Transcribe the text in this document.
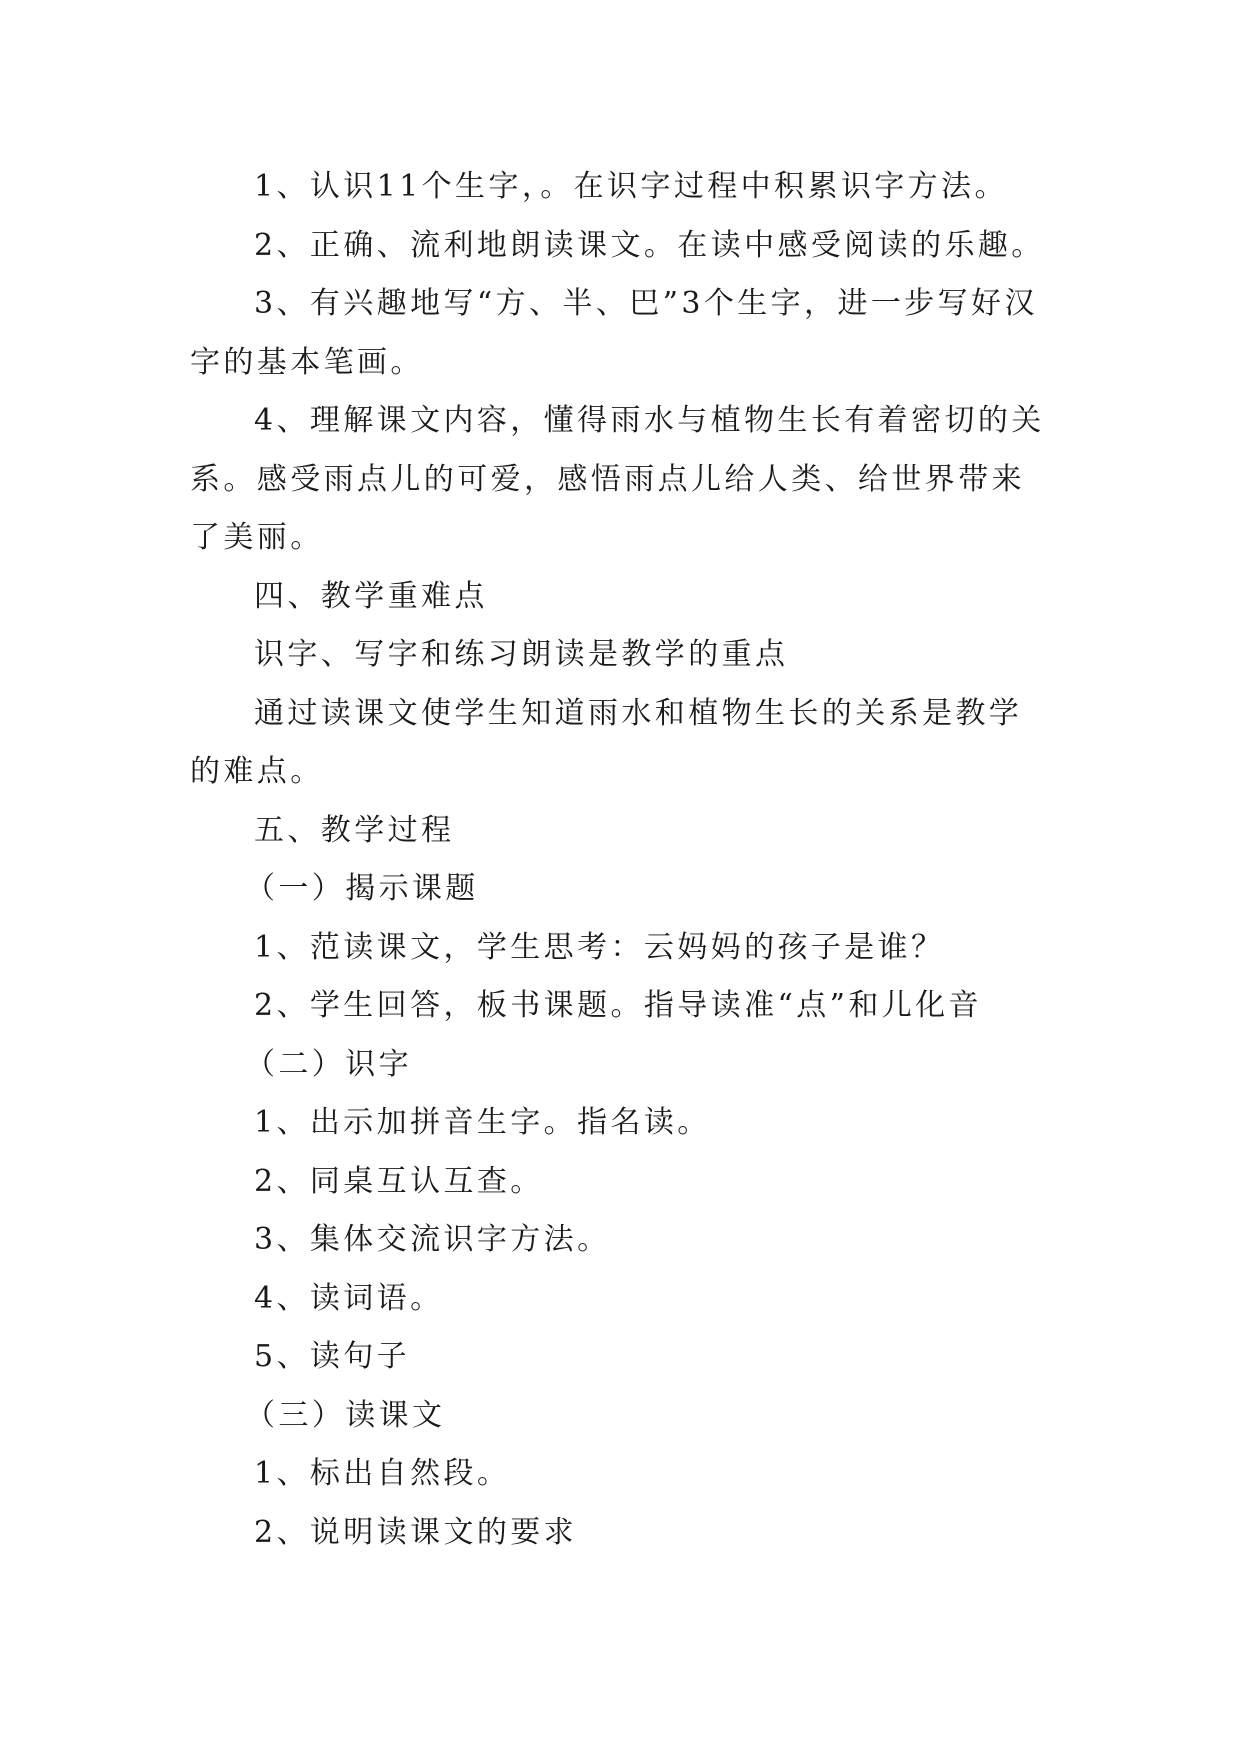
1、认识11个生字，。在识字过程中积累识字方法。

2、正确、流利地朗读课文。在读中感受阅读的乐趣。

3、有兴趣地写“方、半、巴”3个生字，进一步写好汉字的基本笔画。

4、理解课文内容，懂得雨水与植物生长有着密切的关系。感受雨点儿的可爱，感悟雨点儿给人类、给世界带来了美丽。

四、教学重难点

识字、写字和练习朗读是教学的重点

通过读课文使学生知道雨水和植物生长的关系是教学的难点。

五、教学过程

（一）揭示课题

1、范读课文，学生思考：云妈妈的孩子是谁？

2、学生回答，板书课题。指导读准“点”和儿化音

（二）识字

1、出示加拼音生字。指名读。

2、同桌互认互查。

3、集体交流识字方法。

4、读词语。

5、读句子

（三）读课文

1、标出自然段。

2、说明读课文的要求
